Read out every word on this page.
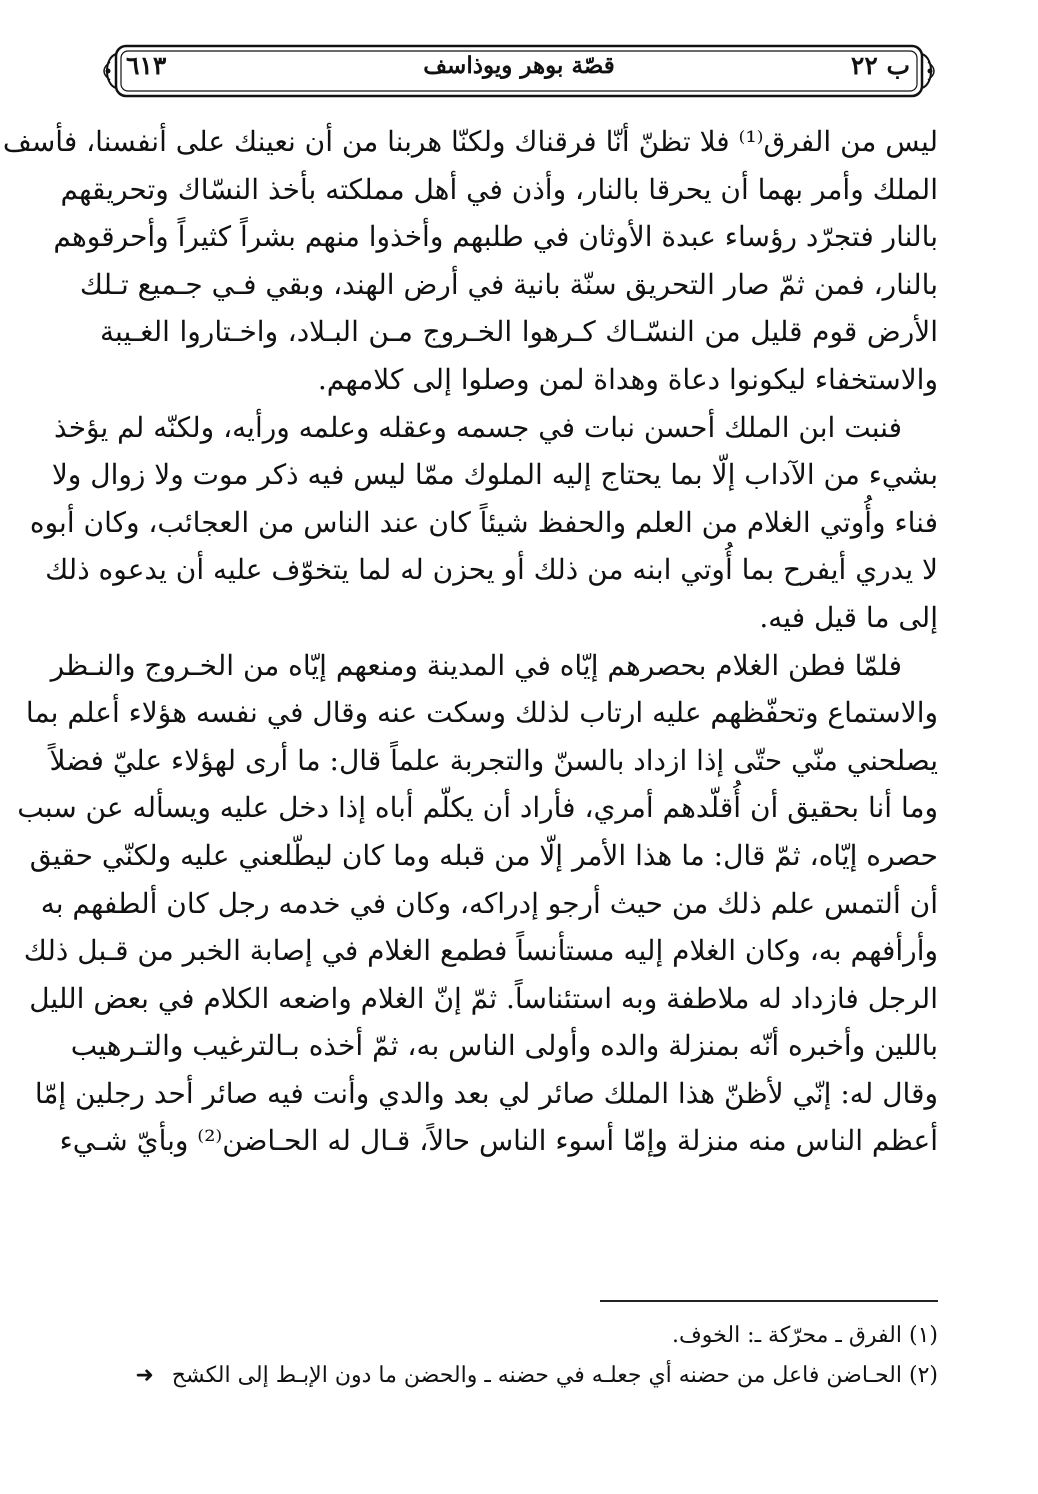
٦١٣	قصّة بوهر ويوذاسف	ب ٢٢
ليس من الفرق⁽¹⁾ فلا تظنّ أنّا فرقناك ولكنّا هربنا من أن نعينك على أنفسنا، فأسف
الملك وأمر بهما أن يحرقا بالنار، وأذن في أهل مملكته بأخذ النسّاك وتحريقهم
بالنار فتجرّد رؤساء عبدة الأوثان في طلبهم وأخذوا منهم بشراً كثيراً وأحرقوهم
بالنار، فمن ثمّ صار التحريق سنّة بانية في أرض الهند، وبقي فـي جـميع تـلك
الأرض قوم قليل من النسّـاك كـرهوا الخـروج مـن البـلاد، واخـتاروا الغـيبة
والاستخفاء ليكونوا دعاة وهداة لمن وصلوا إلى كلامهم.
فنبت ابن الملك أحسن نبات في جسمه وعقله وعلمه ورأيه، ولكنّه لم يؤخذ
بشيء من الآداب إلّا بما يحتاج إليه الملوك ممّا ليس فيه ذكر موت ولا زوال ولا
فناء وأُوتي الغلام من العلم والحفظ شيئاً كان عند الناس من العجائب، وكان أبوه
لا يدري أيفرح بما أُوتي ابنه من ذلك أو يحزن له لما يتخوّف عليه أن يدعوه ذلك
إلى ما قيل فيه.
فلمّا فطن الغلام بحصرهم إيّاه في المدينة ومنعهم إيّاه من الخـروج والنـظر
والاستماع وتحفّظهم عليه ارتاب لذلك وسكت عنه وقال في نفسه هؤلاء أعلم بما
يصلحني منّي حتّى إذا ازداد بالسنّ والتجربة علماً قال: ما أرى لهؤلاء عليّ فضلاً
وما أنا بحقيق أن أُقلّدهم أمري، فأراد أن يكلّم أباه إذا دخل عليه ويسأله عن سبب
حصره إيّاه، ثمّ قال: ما هذا الأمر إلّا من قبله وما كان ليطّلعني عليه ولكنّي حقيق
أن ألتمس علم ذلك من حيث أرجو إدراكه، وكان في خدمه رجل كان ألطفهم به
وأرأفهم به، وكان الغلام إليه مستأنساً فطمع الغلام في إصابة الخبر من قـبل ذلك
الرجل فازداد له ملاطفة وبه استئناساً. ثمّ إنّ الغلام واضعه الكلام في بعض الليل
باللين وأخبره أنّه بمنزلة والده وأولى الناس به، ثمّ أخذه بـالترغيب والتـرهيب
وقال له: إنّي لأظنّ هذا الملك صائر لي بعد والدي وأنت فيه صائر أحد رجلين إمّا
أعظم الناس منه منزلة وإمّا أسوء الناس حالاً، قـال له الحـاضن⁽²⁾ وبأيّ شـيء
(١) الفرق ـ محرّكة ـ: الخوف.
(٢) الحـاضن فاعل من حضنه أي جعلـه في حضنه ـ والحضن ما دون الإبـط إلى الكشح➜
